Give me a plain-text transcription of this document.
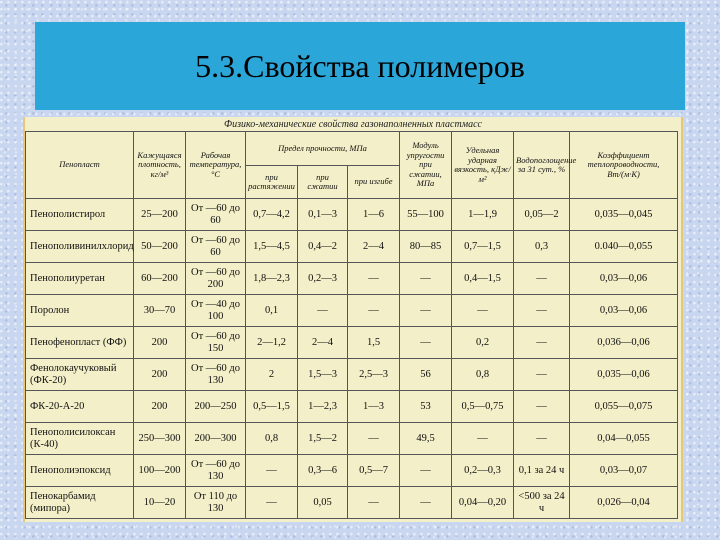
5.3.Свойства полимеров
Физико-механические свойства газонаполненных пластмасс
Пенопласт	Кажущаяся плотность, кг/м³	Рабочая температура, °С	Предел прочности, МПа			Модуль упругости при сжатии, МПа	Удельная ударная вязкость, кДж/м²	Водопоглощение за 31 сут., %	Коэффициент теплопроводности, Вт/(м·К)
			при растяжении	при сжатии	при изгибе				
Пенополистирол	25—200	От —60 до 60	0,7—4,2	0,1—3	1—6	55—100	1—1,9	0,05—2	0,035—0,045
Пенополивинилхлорид	50—200	От —60 до 60	1,5—4,5	0,4—2	2—4	80—85	0,7—1,5	0,3	0.040—0,055
Пенополиуретан	60—200	От —60 до 200	1,8—2,3	0,2—3	—	—	0,4—1,5	—	0,03—0,06
Поролон	30—70	От —40 до 100	0,1	—	—	—	—	—	0,03—0,06
Пенофенопласт (ФФ)	200	От —60 до 150	2—1,2	2—4	1,5	—	0,2	—	0,036—0,06
Фенолокаучуковый (ФК-20)	200	От —60 до 130	2	1,5—3	2,5—3	56	0,8	—	0,035—0,06
ФК-20-А-20	200	200—250	0,5—1,5	1—2,3	1—3	53	0,5—0,75	—	0,055—0,075
Пенополисилоксан (К-40)	250—300	200—300	0,8	1,5—2	—	49,5	—	—	0,04—0,055
Пенополиэпоксид	100—200	От —60 до 130	—	0,3—6	0,5—7	—	0,2—0,3	0,1 за 24 ч	0,03—0,07
Пенокарбамид (мипора)	10—20	От 110 до 130	—	0,05	—	—	0,04—0,20	<500 за 24 ч	0,026—0,04
